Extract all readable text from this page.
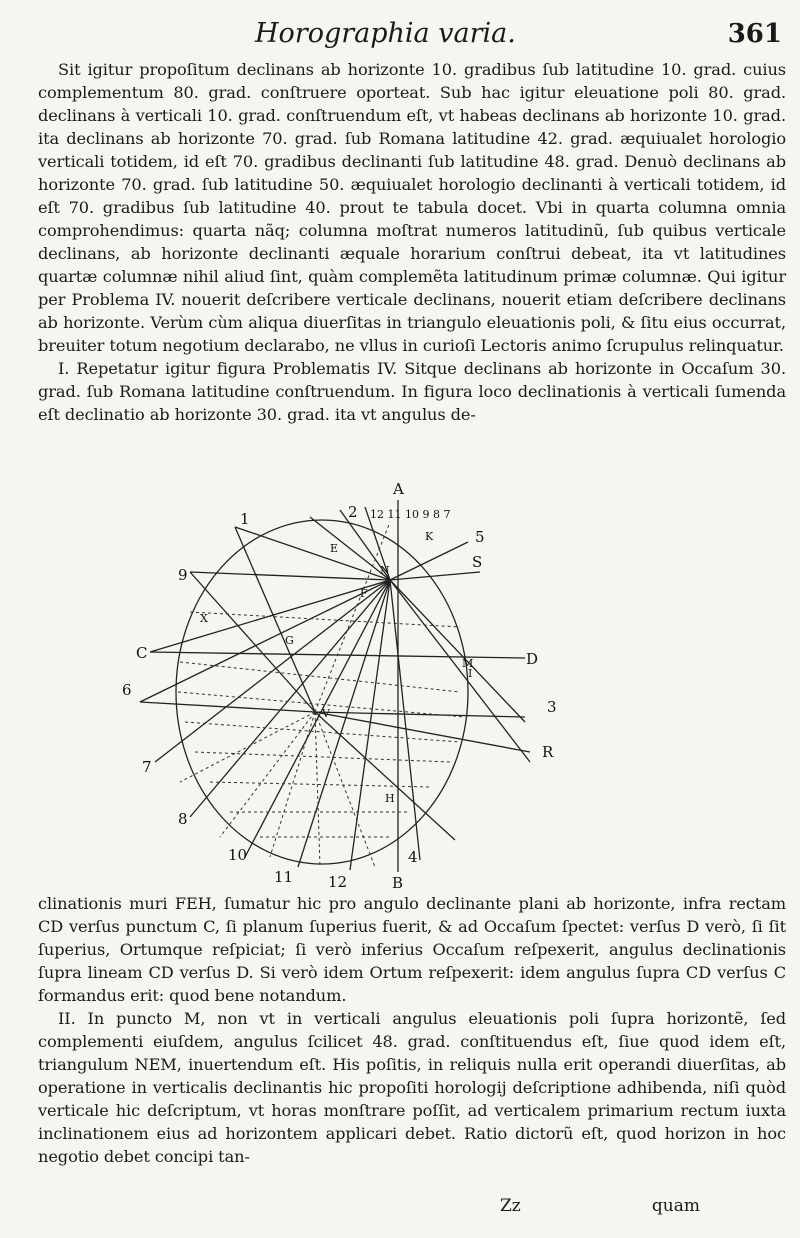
Horographia varia.	361

Sit igitur propoſitum declinans ab horizonte 10. gradibus ſub latitudine 10. grad. cuius complementum 80. grad. conſtruere oporteat. Sub hac igitur eleuatione poli 80. grad. declinans à verticali 10. grad. conſtruendum eſt, vt habeas declinans ab horizonte 10. grad. ita declinans ab horizonte 70. grad. ſub Romana latitudine 42. grad. æquiualet horologio verticali totidem, id eſt 70. gradibus declinanti ſub latitudine 48. grad. Denuò declinans ab horizonte 70. grad. ſub latitudine 50. æquiualet horologio declinanti à verticali totidem, id eſt 70. gradibus ſub latitudine 40. prout te tabula docet. Vbi in quarta columna omnia comprohendimus: quarta nãq; columna moſtrat numeros latitudinũ, ſub quibus verticale declinans, ab horizonte declinanti æquale horarium conſtrui debeat, ita vt latitudines quartæ columnæ nihil aliud ſint, quàm complemẽta latitudinum primæ columnæ. Qui igitur per Problema IV. nouerit deſcribere verticale declinans, nouerit etiam deſcribere declinans ab horizonte. Verùm cùm aliqua diuerſitas in triangulo eleuationis poli, & ſitu eius occurrat, breuiter totum negotium declarabo, ne vllus in curioſi Lectoris animo ſcrupulus relinquatur.

I. Repetatur igitur figura Problematis IV. Sitque declinans ab horizonte in Occaſum 30. grad. ſub Romana latitudine conſtruendum. In figura loco declinationis à verticali ſumenda eſt declinatio ab horizonte 30. grad. ita vt angulus de-

A
B
C	D
E
F
G
H
V
I
K
M
N
R
S
X
1
9
6
7
8
10
11 12
3
5
2
4
12 11 10 9 8 7

clinationis muri FEH, ſumatur hic pro angulo declinante plani ab horizonte, infra rectam CD verſus punctum C, ſi planum ſuperius fuerit, & ad Occaſum ſpectet: verſus D verò, ſi ſit ſuperius, Ortumque reſpiciat; ſi verò inferius Occaſum reſpexerit, angulus declinationis ſupra lineam CD verſus D. Si verò idem Ortum reſpexerit: idem angulus ſupra CD verſus C formandus erit: quod bene notandum.

II. In puncto M, non vt in verticali angulus eleuationis poli ſupra horizontẽ, ſed complementi eiuſdem, angulus ſcilicet 48. grad. conſtituendus eſt, ſiue quod idem eſt, triangulum NEM, inuertendum eſt. His poſitis, in reliquis nulla erit operandi diuerſitas, ab operatione in verticalis declinantis hic propoſiti horologij deſcriptione adhibenda, niſi quòd verticale hic deſcriptum, vt horas monſtrare poſſit, ad verticalem primarium rectum iuxta inclinationem eius ad horizontem applicari debet. Ratio dictorũ eſt, quod horizon in hoc negotio debet concipi tan-

Zz	quam
